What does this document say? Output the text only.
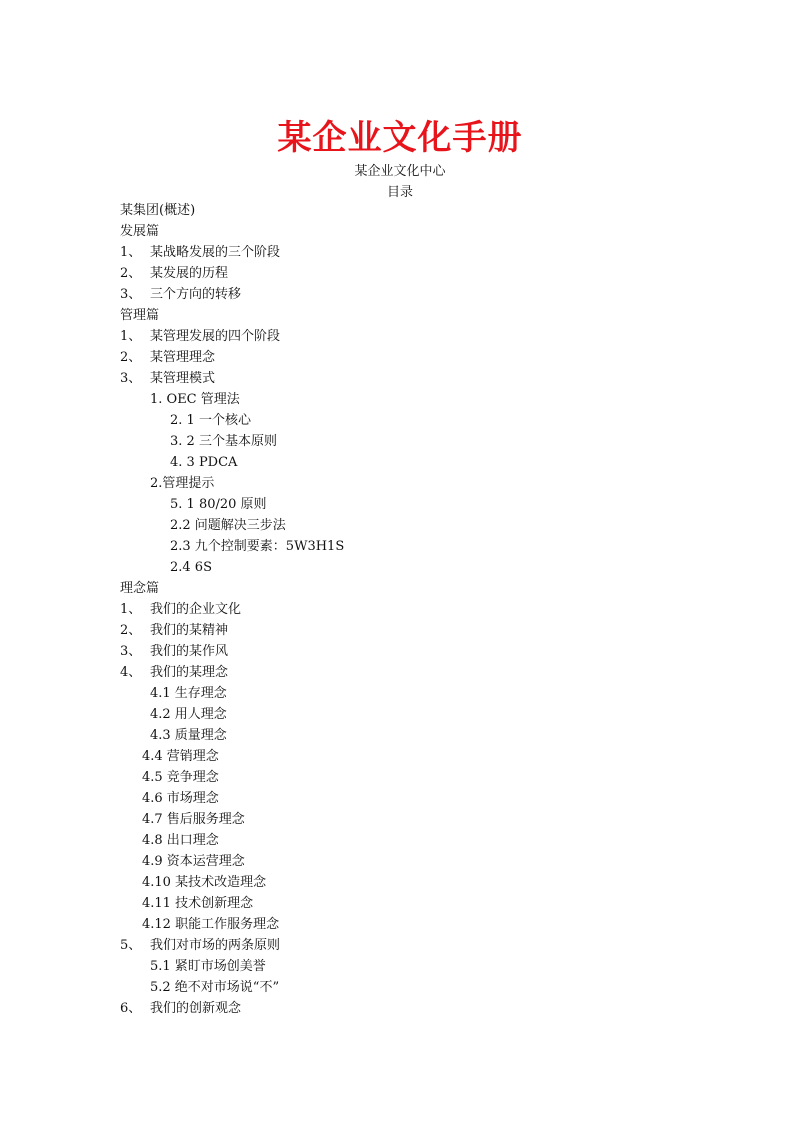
某企业文化手册
某企业文化中心
目录
某集团(概述)
发展篇
1、 某战略发展的三个阶段
2、 某发展的历程
3、 三个方向的转移
管理篇
1、 某管理发展的四个阶段
2、 某管理理念
3、 某管理模式
1. OEC 管理法
2. 1 一个核心
3. 2 三个基本原则
4. 3 PDCA
2.管理提示
5. 1 80/20 原则
2.2 问题解决三步法
2.3 九个控制要素：5W3H1S
2.4 6S
理念篇
1、 我们的企业文化
2、 我们的某精神
3、 我们的某作风
4、 我们的某理念
4.1 生存理念
4.2 用人理念
4.3 质量理念
4.4 营销理念
4.5 竞争理念
4.6 市场理念
4.7 售后服务理念
4.8 出口理念
4.9 资本运营理念
4.10 某技术改造理念
4.11 技术创新理念
4.12 职能工作服务理念
5、 我们对市场的两条原则
5.1 紧盯市场创美誉
5.2 绝不对市场说“不”
6、 我们的创新观念
